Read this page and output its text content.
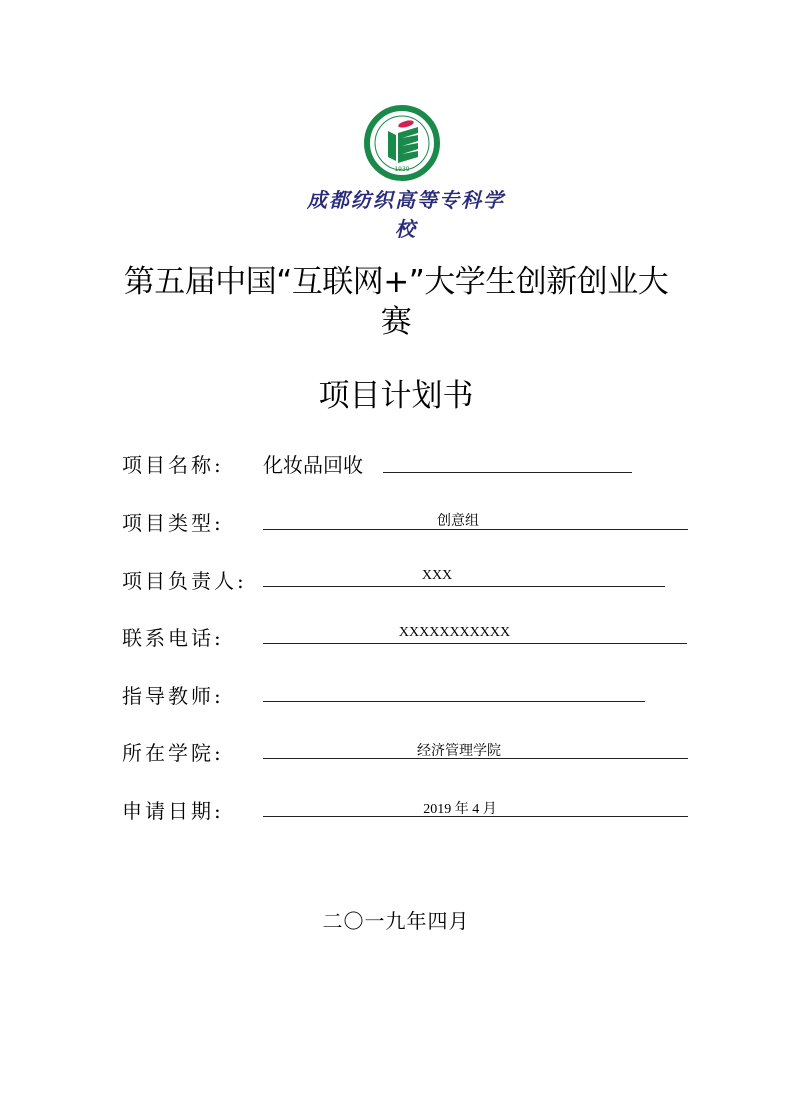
1939
成都纺织高等专科学校
第五届中国“互联网+”大学生创新创业大
赛
项目计划书
项目名称: 化妆品回收
项目类型:	创意组
项目负责人:	XXX
联系电话:	XXXXXXXXXXX
指导教师:
所在学院:	经济管理学院
申请日期:	2019 年 4 月
二〇一九年四月
